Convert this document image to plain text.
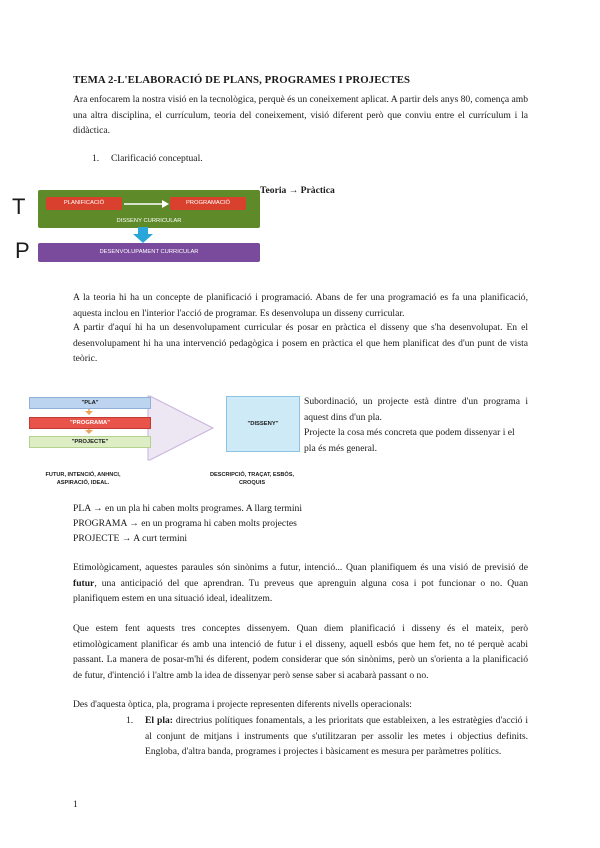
TEMA 2-L'ELABORACIÓ DE PLANS, PROGRAMES I PROJECTES
Ara enfocarem la nostra visió en la tecnològica, perquè és un coneixement aplicat. A partir dels anys 80, comença amb una altra disciplina, el currículum, teoria del coneixement, visió diferent però que conviu entre el currículum i la didàctica.
1. Clarificació conceptual.
T
P
PLANIFICACIÓ	PROGRAMACIÓ
DISSENY CURRICULAR
DESENVOLUPAMENT CURRICULAR
Teoria → Pràctica
A la teoria hi ha un concepte de planificació i programació. Abans de fer una programació es fa una planificació, aquesta inclou en l'interior l'acció de programar. Es desenvolupa un disseny curricular.
A partir d'aquí hi ha un desenvolupament curricular és posar en pràctica el disseny que s'ha desenvolupat. En el desenvolupament hi ha una intervenció pedagògica i posem en pràctica el que hem planificat des d'un punt de vista teòric.
"PLA"
"PROGRAMA"
"PROJECTE"
"DISSENY"
FUTUR, INTENCIÓ, ANHNCI,
ASPIRACIÓ, IDEAL.
DESCRIPCIÓ, TRAÇAT, ESBÓS,
CROQUIS
Subordinació, un projecte està dintre d'un programa i aquest dins d'un pla.
Projecte la cosa més concreta que podem dissenyar i el pla és més general.
PLA → en un pla hi caben molts programes. A llarg termini
PROGRAMA → en un programa hi caben molts projectes
PROJECTE → A curt termini
Etimològicament, aquestes paraules són sinònims a futur, intenció... Quan planifiquem és una visió de previsió de futur, una anticipació del que aprendran. Tu preveus que aprenguin alguna cosa i pot funcionar o no. Quan planifiquem estem en una situació ideal, idealitzem.
Que estem fent aquests tres conceptes dissenyem. Quan diem planificació i disseny és el mateix, però etimològicament planificar és amb una intenció de futur i el disseny, aquell esbós que hem fet, no té perquè acabi passant. La manera de posar-m'hi és diferent, podem considerar que són sinònims, però un s'orienta a la planificació de futur, d'intenció i l'altre amb la idea de dissenyar però sense saber si acabarà passant o no.
Des d'aquesta òptica, pla, programa i projecte representen diferents nivells operacionals:
1. El pla: directrius polítiques fonamentals, a les prioritats que estableixen, a les estratègies d'acció i al conjunt de mitjans i instruments que s'utilitzaran per assolir les metes i objectius definits. Engloba, d'altra banda, programes i projectes i bàsicament es mesura per paràmetres polítics.
1
